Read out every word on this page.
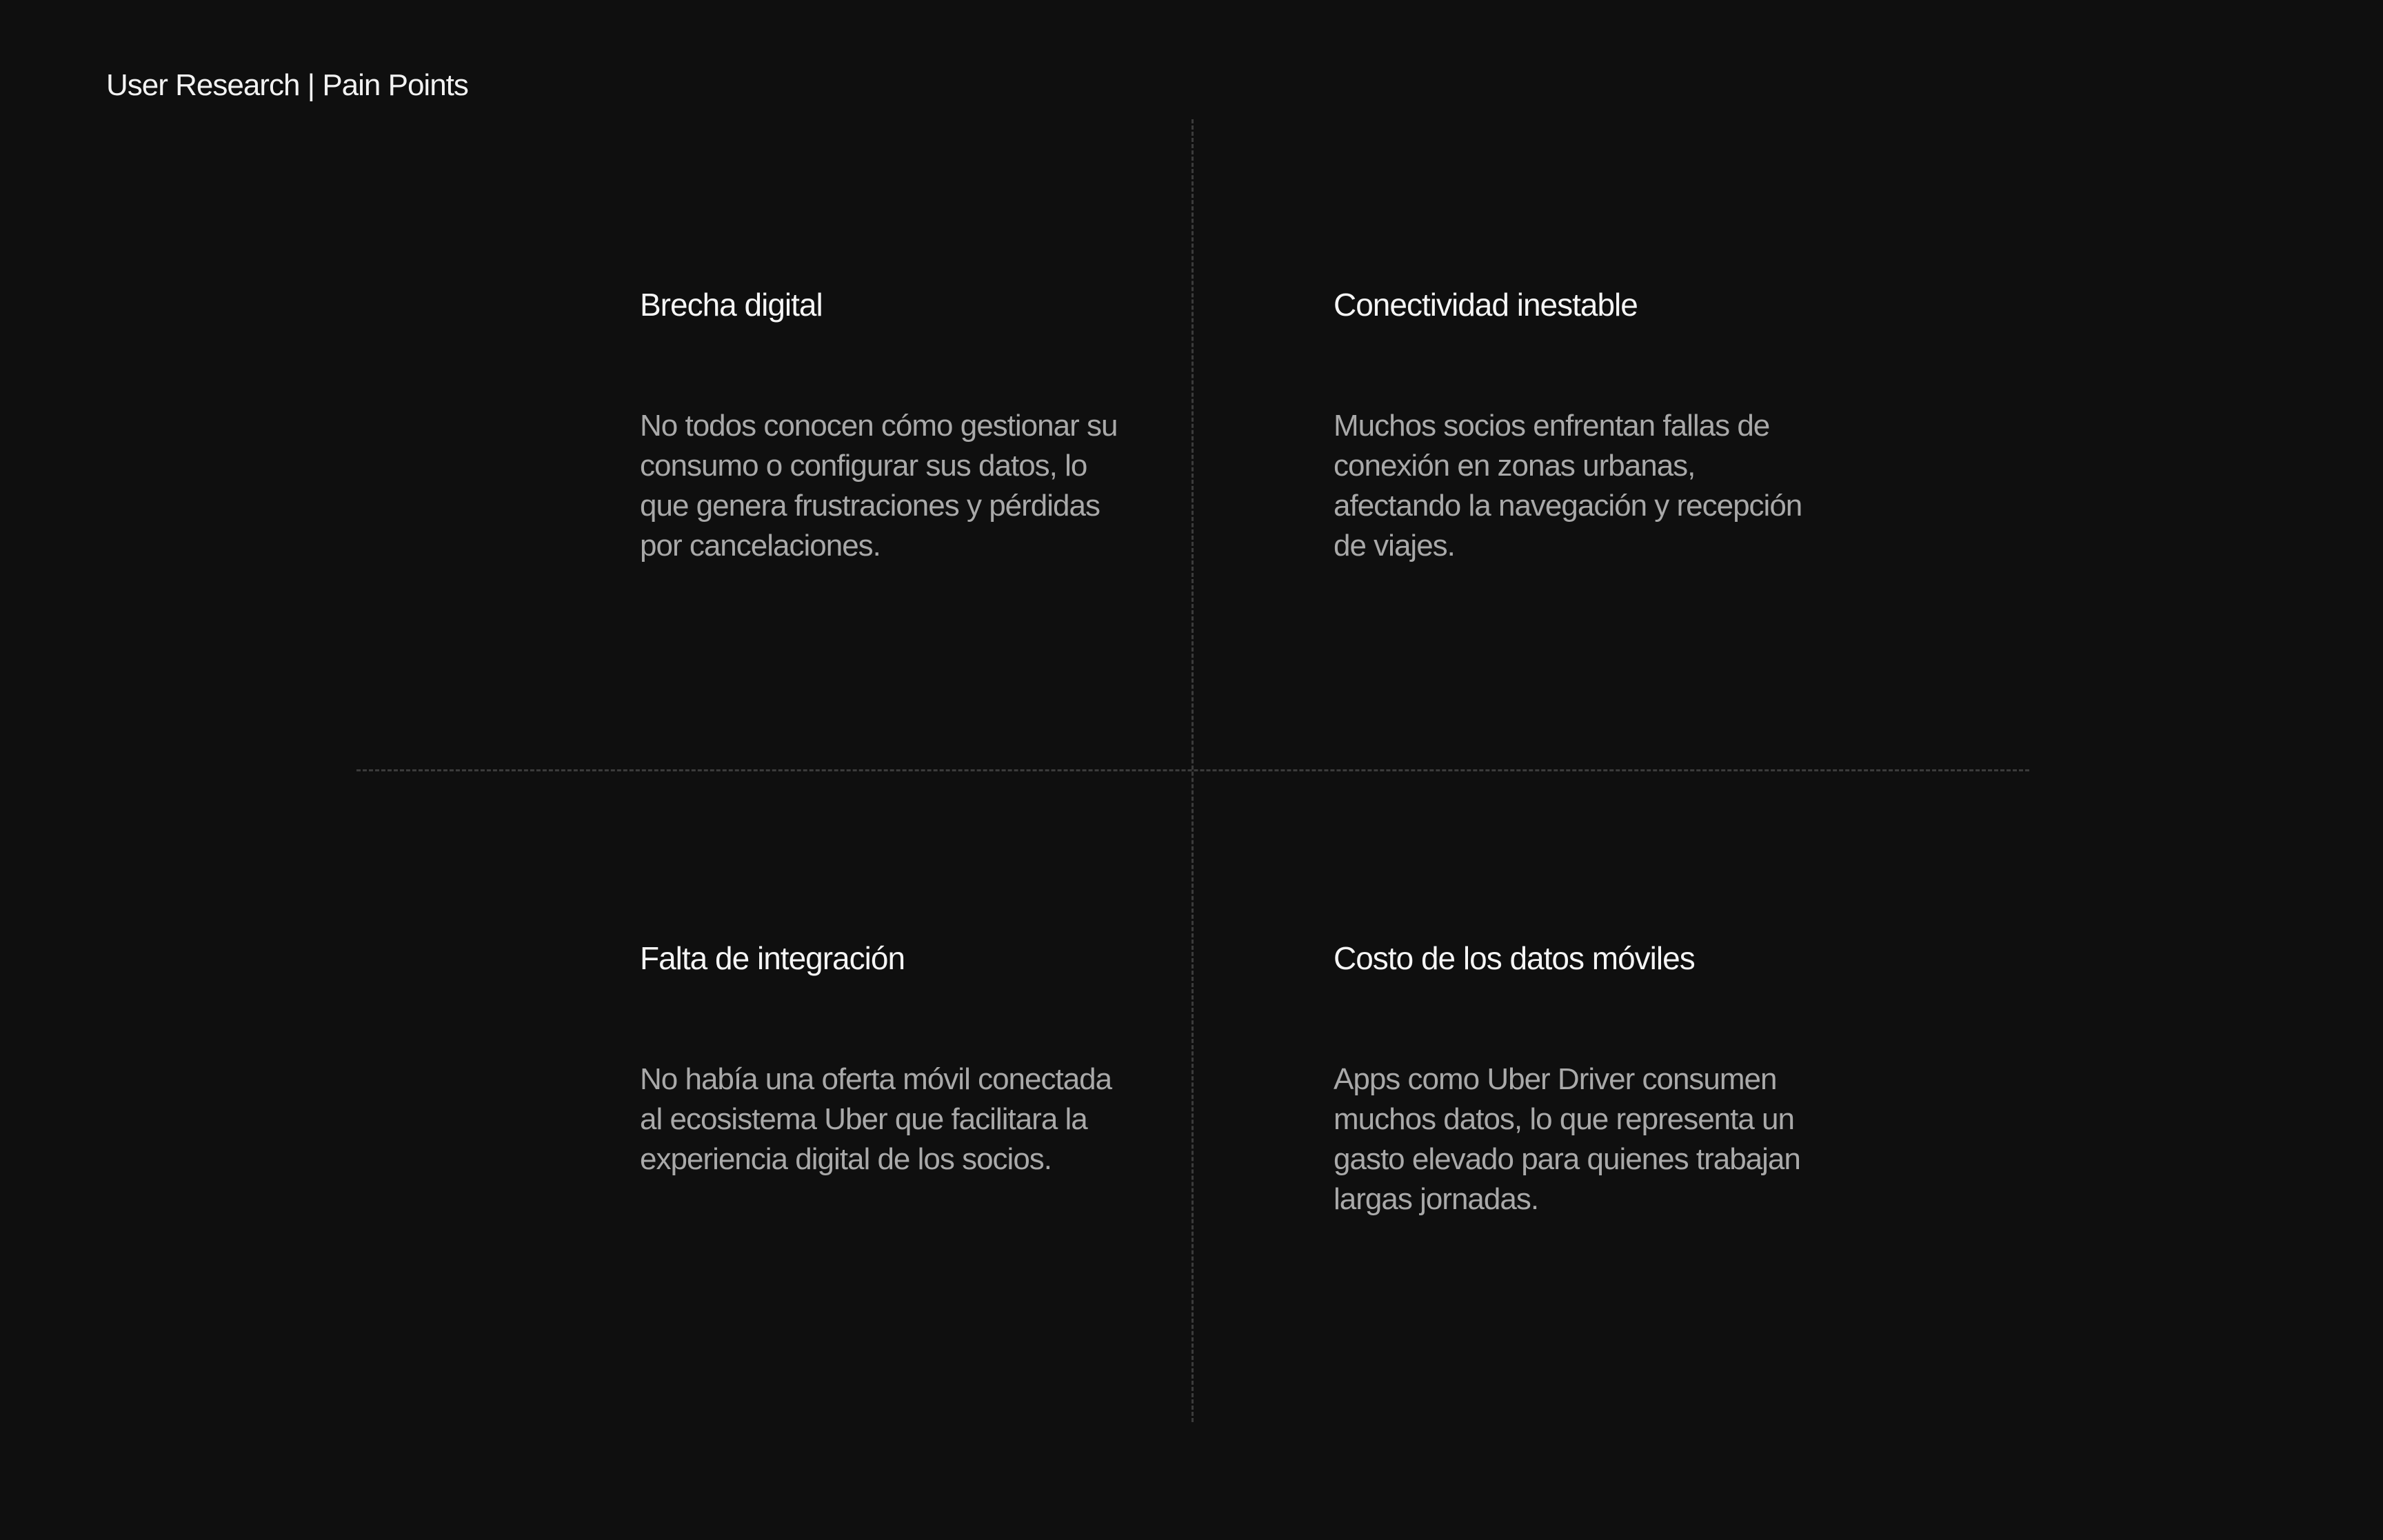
User Research | Pain Points
Brecha digital

No todos conocen cómo gestionar su consumo o configurar sus datos, lo que genera frustraciones y pérdidas por cancelaciones.

Conectividad inestable

Muchos socios enfrentan fallas de conexión en zonas urbanas, afectando la navegación y recepción de viajes.

Falta de integración

No había una oferta móvil conectada al ecosistema Uber que facilitara la experiencia digital de los socios.

Costo de los datos móviles

Apps como Uber Driver consumen muchos datos, lo que representa un gasto elevado para quienes trabajan largas jornadas.
